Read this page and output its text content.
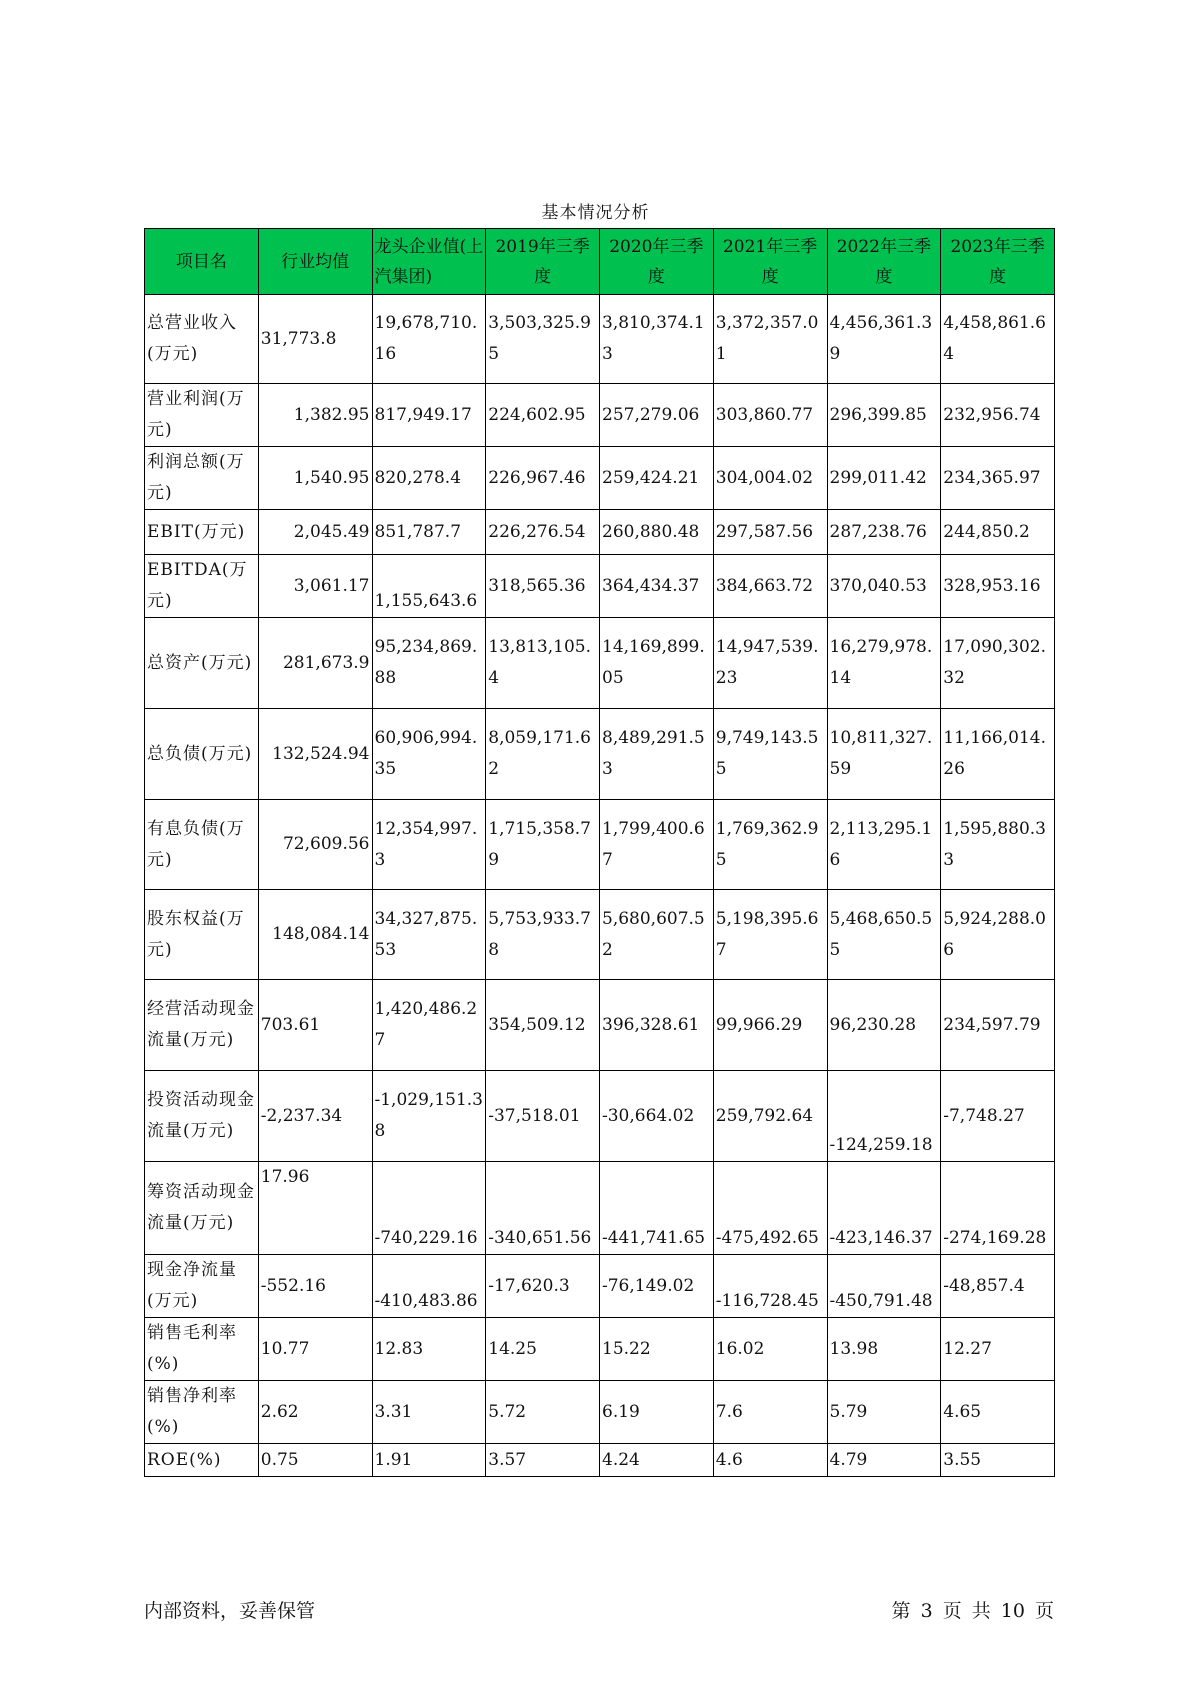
基本情况分析
项目名	行业均值	龙头企业值(上汽集团)	2019年三季度	2020年三季度	2021年三季度	2022年三季度	2023年三季度
总营业收入(万元)	31,773.8	19,678,710.16	3,503,325.95	3,810,374.13	3,372,357.01	4,456,361.39	4,458,861.64
营业利润(万元)	1,382.95	817,949.17	224,602.95	257,279.06	303,860.77	296,399.85	232,956.74
利润总额(万元)	1,540.95	820,278.4	226,967.46	259,424.21	304,004.02	299,011.42	234,365.97
EBIT(万元)	2,045.49	851,787.7	226,276.54	260,880.48	297,587.56	287,238.76	244,850.2
EBITDA(万元)	3,061.17	1,155,643.6	318,565.36	364,434.37	384,663.72	370,040.53	328,953.16
总资产(万元)	281,673.9	95,234,869.88	13,813,105.4	14,169,899.05	14,947,539.23	16,279,978.14	17,090,302.32
总负债(万元)	132,524.94	60,906,994.35	8,059,171.62	8,489,291.53	9,749,143.55	10,811,327.59	11,166,014.26
有息负债(万元)	72,609.56	12,354,997.3	1,715,358.79	1,799,400.67	1,769,362.95	2,113,295.16	1,595,880.33
股东权益(万元)	148,084.14	34,327,875.53	5,753,933.78	5,680,607.52	5,198,395.67	5,468,650.55	5,924,288.06
经营活动现金流量(万元)	703.61	1,420,486.27	354,509.12	396,328.61	99,966.29	96,230.28	234,597.79
投资活动现金流量(万元)	-2,237.34	-1,029,151.38	-37,518.01	-30,664.02	259,792.64	-124,259.18	-7,748.27
筹资活动现金流量(万元)	17.96	-740,229.16	-340,651.56	-441,741.65	-475,492.65	-423,146.37	-274,169.28
现金净流量(万元)	-552.16	-410,483.86	-17,620.3	-76,149.02	-116,728.45	-450,791.48	-48,857.4
销售毛利率(%)	10.77	12.83	14.25	15.22	16.02	13.98	12.27
销售净利率(%)	2.62	3.31	5.72	6.19	7.6	5.79	4.65
ROE(%)	0.75	1.91	3.57	4.24	4.6	4.79	3.55
内部资料，妥善保管	第 3 页 共 10 页
